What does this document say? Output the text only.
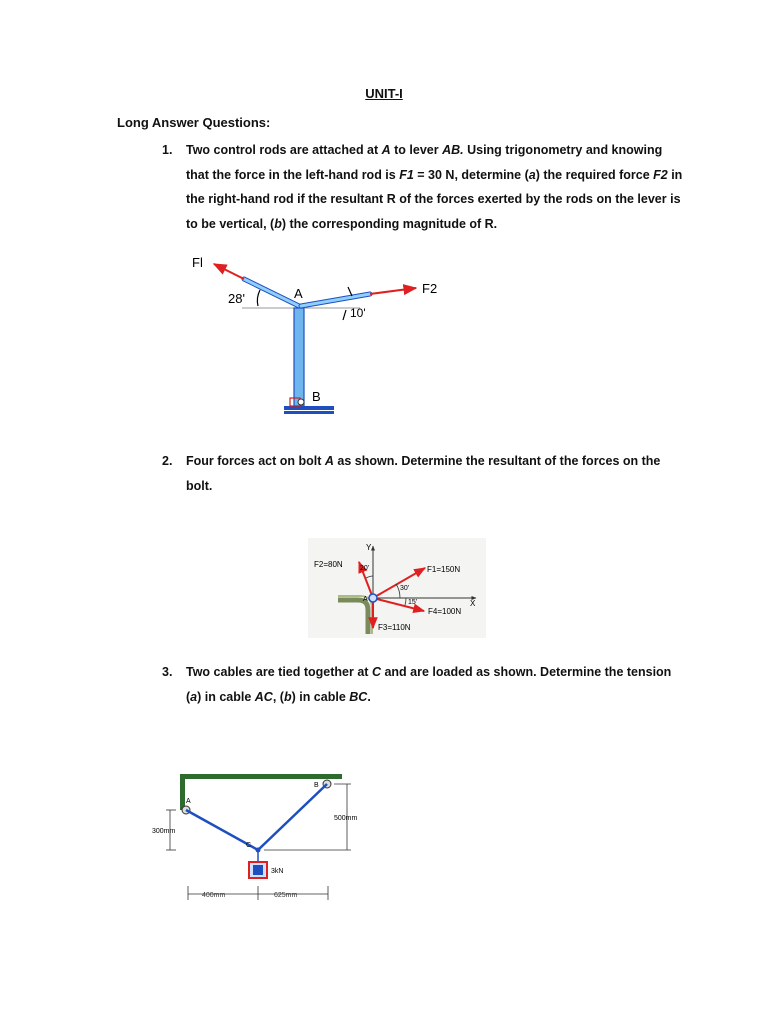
UNIT-I
Long Answer Questions:
1. Two control rods are attached at A to lever AB. Using trigonometry and knowing that the force in the left-hand rod is F1 = 30 N, determine (a) the required force F2 in the right-hand rod if the resultant R of the forces exerted by the rods on the lever is to be vertical, (b) the corresponding magnitude of R.
Fl
F2
A
B
28'
10'
2. Four forces act on bolt A as shown. Determine the resultant of the forces on the bolt.
Y
X
A
F1=150N
F2=80N
F3=110N
F4=100N
20'
30'
15'
3. Two cables are tied together at C and are loaded as shown. Determine the tension (a) in cable AC, (b) in cable BC.
A
B
C
3kN
300mm
500mm
400mm	625mm
